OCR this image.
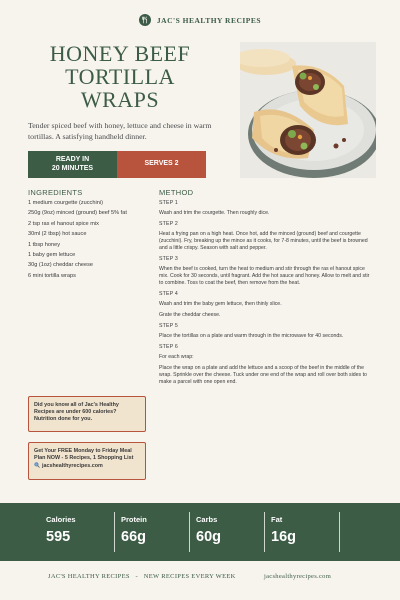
JAC'S HEALTHY RECIPES
HONEY BEEF
TORTILLA
WRAPS

Tender spiced beef with honey, lettuce and cheese in warm tortillas. A satisfying handheld dinner.

READY IN
20 MINUTES
SERVES 2
INGREDIENTS
1 medium courgette (zucchini)
250g (9oz) minced (ground) beef 5% fat
2 tsp ras el hanout spice mix
30ml (2 tbsp) hot sauce
1 tbsp honey
1 baby gem lettuce
30g (1oz) cheddar cheese
6 mini tortilla wraps
METHOD
STEP 1

Wash and trim the courgette. Then roughly dice.

STEP 2

Heat a frying pan on a high heat. Once hot, add the minced (ground) beef and courgette (zucchini). Fry, breaking up the mince as it cooks, for 7-8 minutes, until the beef is browned and a little crispy. Season with salt and pepper.

STEP 3

When the beef is cooked, turn the heat to medium and stir through the ras el hanout spice mix. Cook for 30 seconds, until fragrant. Add the hot sauce and honey. Allow to melt and stir to combine. Toss to coat the beef, then remove from the heat.

STEP 4

Wash and trim the baby gem lettuce, then thinly slice.

Grate the cheddar cheese.

STEP 5

Place the tortillas on a plate and warm through in the microwave for 40 seconds.

STEP 6

For each wrap:

Place the wrap on a plate and add the lettuce and a scoop of the beef in the middle of the wrap. Sprinkle over the cheese. Tuck under one end of the wrap and roll over both sides to make a parcel with one open end.

Did you know all of Jac's Healthy Recipes are under 600 calories? Nutrition done for you.
Get Your FREE Monday to Friday Meal Plan NOW - 5 Recipes, 1 Shopping List
jacshealthyrecipes.com
Calories
595
Protein
66g
Carbs
60g
Fat
16g
JAC'S HEALTHY RECIPES   -   NEW RECIPES EVERY WEEK	jacshealthyrecipes.com
